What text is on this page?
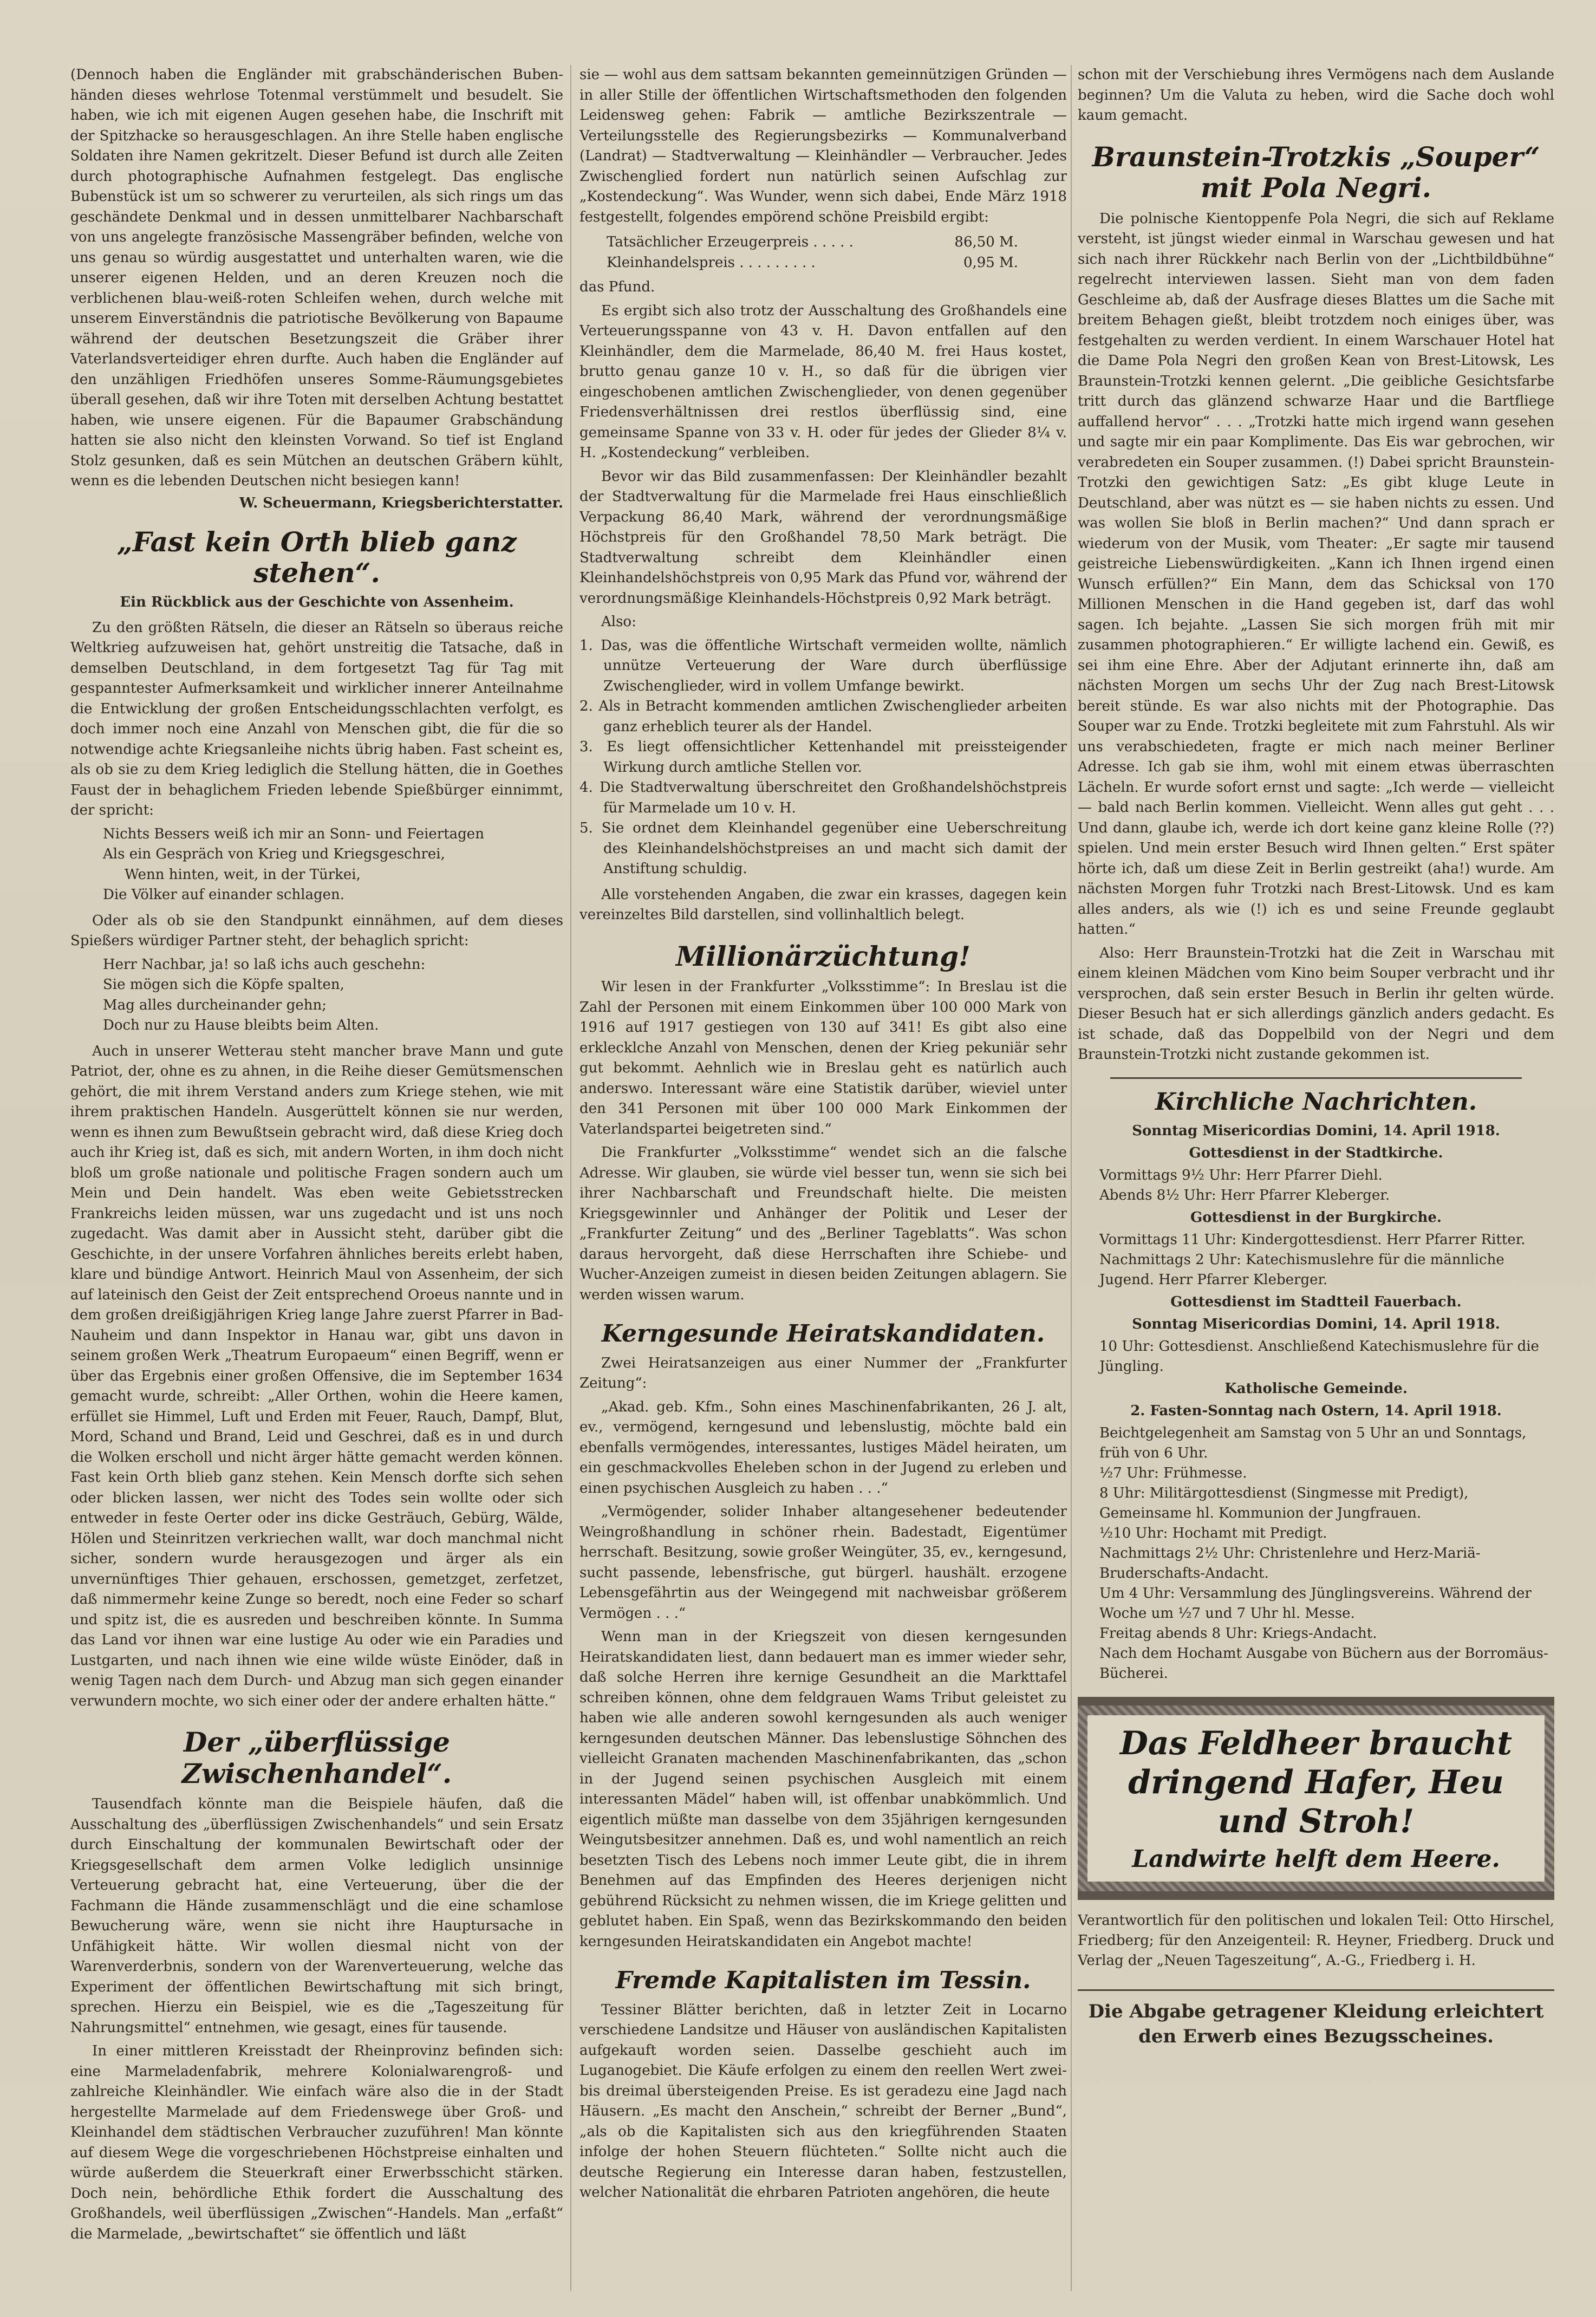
(Dennoch haben die Engländer mit grabschänderischen Bubenhänden dieses wehrlose Totenmal verstümmelt und besudelt. Sie haben, wie ich mit eigenen Augen gesehen habe, die Inschrift mit der Spitzhacke so herausgeschlagen. An ihre Stelle haben englische Soldaten ihre Namen gekritzelt. Dieser Befund ist durch alle Zeiten durch photographische Aufnahmen festgelegt. Das englische Bubenstück ist um so schwerer zu verurteilen, als sich rings um das geschändete Denkmal und in dessen unmittelbarer Nachbarschaft von uns angelegte französische Massengräber befinden, welche von uns genau so würdig ausgestattet und unterhalten waren, wie die unserer eigenen Helden, und an deren Kreuzen noch die verblichenen blau-weiß-roten Schleifen wehen, durch welche mit unserem Einverständnis die patriotische Bevölkerung von Bapaume während der deutschen Besetzungszeit die Gräber ihrer Vaterlandsverteidiger ehren durfte. Auch haben die Engländer auf den unzähligen Friedhöfen unseres Somme-Räumungsgebietes überall gesehen, daß wir ihre Toten mit derselben Achtung bestattet haben, wie unsere eigenen. Für die Bapaumer Grabschändung hatten sie also nicht den kleinsten Vorwand. So tief ist England Stolz gesunken, daß es sein Mütchen an deutschen Gräbern kühlt, wenn es die lebenden Deutschen nicht besiegen kann!

W. Scheuermann, Kriegsberichterstatter.
„Fast kein Orth blieb ganz stehen“.
Ein Rückblick aus der Geschichte von Assenheim.

Zu den größten Rätseln, die dieser an Rätseln so überaus reiche Weltkrieg aufzuweisen hat, gehört unstreitig die Tatsache, daß in demselben Deutschland, in dem fortgesetzt Tag für Tag mit gespanntester Aufmerksamkeit und wirklicher innerer Anteilnahme die Entwicklung der großen Entscheidungsschlachten verfolgt, es doch immer noch eine Anzahl von Menschen gibt, die für die so notwendige achte Kriegsanleihe nichts übrig haben. Fast scheint es, als ob sie zu dem Krieg lediglich die Stellung hätten, die in Goethes Faust der in behaglichem Frieden lebende Spießbürger einnimmt, der spricht:

Nichts Bessers weiß ich mir an Sonn- und Feiertagen
Als ein Gespräch von Krieg und Kriegsgeschrei,
Wenn hinten, weit, in der Türkei,
Die Völker auf einander schlagen.

Oder als ob sie den Standpunkt einnähmen, auf dem dieses Spießers würdiger Partner steht, der behaglich spricht:

Herr Nachbar, ja! so laß ichs auch geschehn:
Sie mögen sich die Köpfe spalten,
Mag alles durcheinander gehn;
Doch nur zu Hause bleibts beim Alten.

Auch in unserer Wetterau steht mancher brave Mann und gute Patriot, der, ohne es zu ahnen, in die Reihe dieser Gemütsmenschen gehört, die mit ihrem Verstand anders zum Kriege stehen, wie mit ihrem praktischen Handeln. Ausgerüttelt können sie nur werden, wenn es ihnen zum Bewußtsein gebracht wird, daß diese Krieg doch auch ihr Krieg ist, daß es sich, mit andern Worten, in ihm doch nicht bloß um große nationale und politische Fragen sondern auch um Mein und Dein handelt. Was eben weite Gebietsstrecken Frankreichs leiden müssen, war uns zugedacht und ist uns noch zugedacht. Was damit aber in Aussicht steht, darüber gibt die Geschichte, in der unsere Vorfahren ähnliches bereits erlebt haben, klare und bündige Antwort. Heinrich Maul von Assenheim, der sich auf lateinisch den Geist der Zeit entsprechend Oroeus nannte und in dem großen dreißigjährigen Krieg lange Jahre zuerst Pfarrer in Bad-Nauheim und dann Inspektor in Hanau war, gibt uns davon in seinem großen Werk „Theatrum Europaeum“ einen Begriff, wenn er über das Ergebnis einer großen Offensive, die im September 1634 gemacht wurde, schreibt: „Aller Orthen, wohin die Heere kamen, erfüllet sie Himmel, Luft und Erden mit Feuer, Rauch, Dampf, Blut, Mord, Schand und Brand, Leid und Geschrei, daß es in und durch die Wolken erscholl und nicht ärger hätte gemacht werden können. Fast kein Orth blieb ganz stehen. Kein Mensch dorfte sich sehen oder blicken lassen, wer nicht des Todes sein wollte oder sich entweder in feste Oerter oder ins dicke Gesträuch, Gebürg, Wälde, Hölen und Steinritzen verkriechen wallt, war doch manchmal nicht sicher, sondern wurde herausgezogen und ärger als ein unvernünftiges Thier gehauen, erschossen, gemetzget, zerfetzet, daß nimmermehr keine Zunge so beredt, noch eine Feder so scharf und spitz ist, die es ausreden und beschreiben könnte. In Summa das Land vor ihnen war eine lustige Au oder wie ein Paradies und Lustgarten, und nach ihnen wie eine wilde wüste Einöder, daß in wenig Tagen nach dem Durch- und Abzug man sich gegen einander verwundern mochte, wo sich einer oder der andere erhalten hätte.“

Der „überflüssige Zwischenhandel“.

Tausendfach könnte man die Beispiele häufen, daß die Ausschaltung des „überflüssigen Zwischenhandels“ und sein Ersatz durch Einschaltung der kommunalen Bewirtschaft oder der Kriegsgesellschaft dem armen Volke lediglich unsinnige Verteuerung gebracht hat, eine Verteuerung, über die der Fachmann die Hände zusammenschlägt und die eine schamlose Bewucherung wäre, wenn sie nicht ihre Hauptursache in Unfähigkeit hätte. Wir wollen diesmal nicht von der Warenverderbnis, sondern von der Warenverteuerung, welche das Experiment der öffentlichen Bewirtschaftung mit sich bringt, sprechen. Hierzu ein Beispiel, wie es die „Tageszeitung für Nahrungsmittel“ entnehmen, wie gesagt, eines für tausende.

In einer mittleren Kreisstadt der Rheinprovinz befinden sich: eine Marmeladenfabrik, mehrere Kolonialwarengroß- und zahlreiche Kleinhändler. Wie einfach wäre also die in der Stadt hergestellte Marmelade auf dem Friedenswege über Groß- und Kleinhandel dem städtischen Verbraucher zuzuführen! Man könnte auf diesem Wege die vorgeschriebenen Höchstpreise einhalten und würde außerdem die Steuerkraft einer Erwerbsschicht stärken. Doch nein, behördliche Ethik fordert die Ausschaltung des Großhandels, weil überflüssigen „Zwischen“-Handels. Man „erfaßt“ die Marmelade, „bewirtschaftet“ sie öffentlich und läßt

sie — wohl aus dem sattsam bekannten gemeinnützigen Gründen — in aller Stille der öffentlichen Wirtschaftsmethoden den folgenden Leidensweg gehen: Fabrik — amtliche Bezirkszentrale — Verteilungsstelle des Regierungsbezirks — Kommunalverband (Landrat) — Stadtverwaltung — Kleinhändler — Verbraucher. Jedes Zwischenglied fordert nun natürlich seinen Aufschlag zur „Kostendeckung“. Was Wunder, wenn sich dabei, Ende März 1918 festgestellt, folgendes empörend schöne Preisbild ergibt:

Tatsächlicher Erzeugerpreis . . . . .	86,50 M.
Kleinhandelspreis . . . . . . . . .	0,95 M.

das Pfund.

Es ergibt sich also trotz der Ausschaltung des Großhandels eine Verteuerungsspanne von 43 v. H. Davon entfallen auf den Kleinhändler, dem die Marmelade, 86,40 M. frei Haus kostet, brutto genau ganze 10 v. H., so daß für die übrigen vier eingeschobenen amtlichen Zwischenglieder, von denen gegenüber Friedensverhältnissen drei restlos überflüssig sind, eine gemeinsame Spanne von 33 v. H. oder für jedes der Glieder 8¼ v. H. „Kostendeckung“ verbleiben.

Bevor wir das Bild zusammenfassen: Der Kleinhändler bezahlt der Stadtverwaltung für die Marmelade frei Haus einschließlich Verpackung 86,40 Mark, während der verordnungsmäßige Höchstpreis für den Großhandel 78,50 Mark beträgt. Die Stadtverwaltung schreibt dem Kleinhändler einen Kleinhandelshöchstpreis von 0,95 Mark das Pfund vor, während der verordnungsmäßige Kleinhandels-Höchstpreis 0,92 Mark beträgt.

Also:

1. Das, was die öffentliche Wirtschaft vermeiden wollte, nämlich unnütze Verteuerung der Ware durch überflüssige Zwischenglieder, wird in vollem Umfange bewirkt.
2. Als in Betracht kommenden amtlichen Zwischenglieder arbeiten ganz erheblich teurer als der Handel.
3. Es liegt offensichtlicher Kettenhandel mit preissteigender Wirkung durch amtliche Stellen vor.
4. Die Stadtverwaltung überschreitet den Großhandelshöchstpreis für Marmelade um 10 v. H.
5. Sie ordnet dem Kleinhandel gegenüber eine Ueberschreitung des Kleinhandelshöchstpreises an und macht sich damit der Anstiftung schuldig.

Alle vorstehenden Angaben, die zwar ein krasses, dagegen kein vereinzeltes Bild darstellen, sind vollinhaltlich belegt.

Millionärzüchtung!

Wir lesen in der Frankfurter „Volksstimme“: In Breslau ist die Zahl der Personen mit einem Einkommen über 100 000 Mark von 1916 auf 1917 gestiegen von 130 auf 341! Es gibt also eine erklecklche Anzahl von Menschen, denen der Krieg pekuniär sehr gut bekommt. Aehnlich wie in Breslau geht es natürlich auch anderswo. Interessant wäre eine Statistik darüber, wieviel unter den 341 Personen mit über 100 000 Mark Einkommen der Vaterlandspartei beigetreten sind.“

Die Frankfurter „Volksstimme“ wendet sich an die falsche Adresse. Wir glauben, sie würde viel besser tun, wenn sie sich bei ihrer Nachbarschaft und Freundschaft hielte. Die meisten Kriegsgewinnler und Anhänger der Politik und Leser der „Frankfurter Zeitung“ und des „Berliner Tageblatts“. Was schon daraus hervorgeht, daß diese Herrschaften ihre Schiebe- und Wucher-Anzeigen zumeist in diesen beiden Zeitungen ablagern. Sie werden wissen warum.

Kerngesunde Heiratskandidaten.

Zwei Heiratsanzeigen aus einer Nummer der „Frankfurter Zeitung“:

„Akad. geb. Kfm., Sohn eines Maschinenfabrikanten, 26 J. alt, ev., vermögend, kerngesund und lebenslustig, möchte bald ein ebenfalls vermögendes, interessantes, lustiges Mädel heiraten, um ein geschmackvolles Eheleben schon in der Jugend zu erleben und einen psychischen Ausgleich zu haben . . .“

„Vermögender, solider Inhaber altangesehener bedeutender Weingroßhandlung in schöner rhein. Badestadt, Eigentümer herrschaft. Besitzung, sowie großer Weingüter, 35, ev., kerngesund, sucht passende, lebensfrische, gut bürgerl. haushält. erzogene Lebensgefährtin aus der Weingegend mit nachweisbar größerem Vermögen . . .“

Wenn man in der Kriegszeit von diesen kerngesunden Heiratskandidaten liest, dann bedauert man es immer wieder sehr, daß solche Herren ihre kernige Gesundheit an die Markttafel schreiben können, ohne dem feldgrauen Wams Tribut geleistet zu haben wie alle anderen sowohl kerngesunden als auch weniger kerngesunden deutschen Männer. Das lebenslustige Söhnchen des vielleicht Granaten machenden Maschinenfabrikanten, das „schon in der Jugend seinen psychischen Ausgleich mit einem interessanten Mädel“ haben will, ist offenbar unabkömmlich. Und eigentlich müßte man dasselbe von dem 35jährigen kerngesunden Weingutsbesitzer annehmen. Daß es, und wohl namentlich an reich besetzten Tisch des Lebens noch immer Leute gibt, die in ihrem Benehmen auf das Empfinden des Heeres derjenigen nicht gebührend Rücksicht zu nehmen wissen, die im Kriege gelitten und geblutet haben. Ein Spaß, wenn das Bezirkskommando den beiden kerngesunden Heiratskandidaten ein Angebot machte!

Fremde Kapitalisten im Tessin.

Tessiner Blätter berichten, daß in letzter Zeit in Locarno verschiedene Landsitze und Häuser von ausländischen Kapitalisten aufgekauft worden seien. Dasselbe geschieht auch im Luganogebiet. Die Käufe erfolgen zu einem den reellen Wert zwei- bis dreimal übersteigenden Preise. Es ist geradezu eine Jagd nach Häusern. „Es macht den Anschein,“ schreibt der Berner „Bund“, „als ob die Kapitalisten sich aus den kriegführenden Staaten infolge der hohen Steuern flüchteten.“ Sollte nicht auch die deutsche Regierung ein Interesse daran haben, festzustellen, welcher Nationalität die ehrbaren Patrioten angehören, die heute

schon mit der Verschiebung ihres Vermögens nach dem Auslande beginnen? Um die Valuta zu heben, wird die Sache doch wohl kaum gemacht.

Braunstein-Trotzkis „Souper“ mit Pola Negri.

Die polnische Kientoppenfe Pola Negri, die sich auf Reklame versteht, ist jüngst wieder einmal in Warschau gewesen und hat sich nach ihrer Rückkehr nach Berlin von der „Lichtbildbühne“ regelrecht interviewen lassen. Sieht man von dem faden Geschleime ab, daß der Ausfrage dieses Blattes um die Sache mit breitem Behagen gießt, bleibt trotzdem noch einiges über, was festgehalten zu werden verdient. In einem Warschauer Hotel hat die Dame Pola Negri den großen Kean von Brest-Litowsk, Les Braunstein-Trotzki kennen gelernt. „Die geibliche Gesichtsfarbe tritt durch das glänzend schwarze Haar und die Bartfliege auffallend hervor“ . . . „Trotzki hatte mich irgend wann gesehen und sagte mir ein paar Komplimente. Das Eis war gebrochen, wir verabredeten ein Souper zusammen. (!) Dabei spricht Braunstein-Trotzki den gewichtigen Satz: „Es gibt kluge Leute in Deutschland, aber was nützt es — sie haben nichts zu essen. Und was wollen Sie bloß in Berlin machen?“ Und dann sprach er wiederum von der Musik, vom Theater: „Er sagte mir tausend geistreiche Liebenswürdigkeiten. „Kann ich Ihnen irgend einen Wunsch erfüllen?“ Ein Mann, dem das Schicksal von 170 Millionen Menschen in die Hand gegeben ist, darf das wohl sagen. Ich bejahte. „Lassen Sie sich morgen früh mit mir zusammen photographieren.“ Er willigte lachend ein. Gewiß, es sei ihm eine Ehre. Aber der Adjutant erinnerte ihn, daß am nächsten Morgen um sechs Uhr der Zug nach Brest-Litowsk bereit stünde. Es war also nichts mit der Photographie. Das Souper war zu Ende. Trotzki begleitete mit zum Fahrstuhl. Als wir uns verabschiedeten, fragte er mich nach meiner Berliner Adresse. Ich gab sie ihm, wohl mit einem etwas überraschten Lächeln. Er wurde sofort ernst und sagte: „Ich werde — vielleicht — bald nach Berlin kommen. Vielleicht. Wenn alles gut geht . . . Und dann, glaube ich, werde ich dort keine ganz kleine Rolle (??) spielen. Und mein erster Besuch wird Ihnen gelten.“ Erst später hörte ich, daß um diese Zeit in Berlin gestreikt (aha!) wurde. Am nächsten Morgen fuhr Trotzki nach Brest-Litowsk. Und es kam alles anders, als wie (!) ich es und seine Freunde geglaubt hatten.“

Also: Herr Braunstein-Trotzki hat die Zeit in Warschau mit einem kleinen Mädchen vom Kino beim Souper verbracht und ihr versprochen, daß sein erster Besuch in Berlin ihr gelten würde. Dieser Besuch hat er sich allerdings gänzlich anders gedacht. Es ist schade, daß das Doppelbild von der Negri und dem Braunstein-Trotzki nicht zustande gekommen ist.

Kirchliche Nachrichten.
Sonntag Misericordias Domini, 14. April 1918.
Gottesdienst in der Stadtkirche.
Vormittags 9½ Uhr: Herr Pfarrer Diehl.
Abends 8½ Uhr: Herr Pfarrer Kleberger.
Gottesdienst in der Burgkirche.
Vormittags 11 Uhr: Kindergottesdienst. Herr Pfarrer Ritter.
Nachmittags 2 Uhr: Katechismuslehre für die männliche Jugend. Herr Pfarrer Kleberger.
Gottesdienst im Stadtteil Fauerbach.
Sonntag Misericordias Domini, 14. April 1918.
10 Uhr: Gottesdienst. Anschließend Katechismuslehre für die Jüngling.
Katholische Gemeinde.
2. Fasten-Sonntag nach Ostern, 14. April 1918.
Beichtgelegenheit am Samstag von 5 Uhr an und Sonntags, früh von 6 Uhr.
½7 Uhr: Frühmesse.
8 Uhr: Militärgottesdienst (Singmesse mit Predigt), Gemeinsame hl. Kommunion der Jungfrauen.
½10 Uhr: Hochamt mit Predigt.
Nachmittags 2½ Uhr: Christenlehre und Herz-Mariä-Bruderschafts-Andacht.
Um 4 Uhr: Versammlung des Jünglingsvereins. Während der Woche um ½7 und 7 Uhr hl. Messe.
Freitag abends 8 Uhr: Kriegs-Andacht.
Nach dem Hochamt Ausgabe von Büchern aus der Borromäus-Bücherei.
Das Feldheer braucht
dringend Hafer, Heu
und Stroh!
Landwirte helft dem Heere.
Verantwortlich für den politischen und lokalen Teil: Otto Hirschel, Friedberg; für den Anzeigenteil: R. Heyner, Friedberg. Druck und Verlag der „Neuen Tageszeitung“, A.-G., Friedberg i. H.
Die Abgabe getragener Kleidung erleichtert den Erwerb eines Bezugsscheines.
